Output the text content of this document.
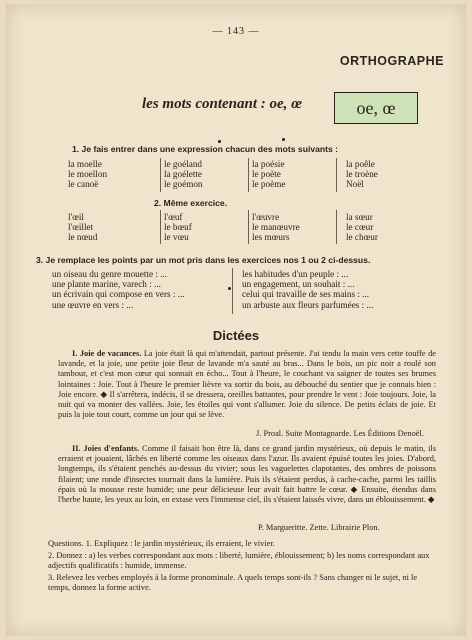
— 143 —
ORTHOGRAPHE
les mots contenant : oe, œ	oe, œ
1. Je fais entrer dans une expression chacun des mots suivants :
la moelle
le moellon
le canoë
le goéland
la goélette
le goémon
la poésie
le poète
le poème
la poêle
le troène
Noël
2. Même exercice.
l'œil
l'œillet
le nœud
l'œuf
le bœuf
le vœu
l'œuvre
le manœuvre
les mœurs
la sœur
le cœur
le chœur
3. Je remplace les points par un mot pris dans les exercices nos 1 ou 2 ci-dessus.
un oiseau du genre mouette : ...
une plante marine, varech : ...
un écrivain qui compose en vers : ...
une œuvre en vers : ...
les habitudes d'un peuple : ...
un engagement, un souhait : ...
celui qui travaille de ses mains : ...
un arbuste aux fleurs parfumées : ...
Dictées
I. Joie de vacances. La joie était là qui m'attendait, partout présente. J'ai tendu la main vers cette touffe de lavande, et la joie, une petite joie fleur de lavande m'a sauté au bras... Dans le bois, un pic noir a roulé son tambour, et c'est mon cœur qui sonnait en écho... Tout à l'heure, le couchant va saigner de toutes ses brumes lointaines : Joie. Tout à l'heure le premier lièvre va sortir du bois, au débouché du sentier que je connais bien : Joie encore. ◆ Il s'arrêtera, indécis, il se dressera, oreilles battantes, pour prendre le vent : Joie toujours. Joie, la nuit qui va monter des vallées. Joie, les étoiles qui vont s'allumer. Joie du silence. De petits éclats de joie. Et puis la joie tout court, comme un jour qui se lève.
J. Proal. Suite Montagnarde. Les Éditions Denoël.
II. Joies d'enfants. Comme il faisait bon être là, dans ce grand jardin mystérieux, où depuis le matin, ils erraient et jouaient, lâchés en liberté comme les oiseaux dans l'azur. Ils avaient épuisé toutes les joies. D'abord, longtemps, ils s'étaient penchés au-dessus du vivier; sous les vaguelettes clapotantes, des ombres de poissons filaient; une ronde d'insectes tournait dans la lumière. Puis ils s'étaient perdus, à cache-cache, parmi les taillis épais où la mousse reste humide; une peur délicieuse leur avait fait battre le cœur. ◆ Ensuite, étendus dans l'herbe haute, les yeux au loin, en extase vers l'immense ciel, ils s'étaient laissés vivre, dans un éblouissement. ◆
P. Margueritte. Zette. Librairie Plon.
Questions. 1. Expliquez : le jardin mystérieux, ils erraient, le vivier.
2. Donnez : a) les verbes correspondant aux mots : liberté, lumière, éblouissement; b) les noms correspondant aux adjectifs qualificatifs : humide, immense.
3. Relevez les verbes employés à la forme pronominale. A quels temps sont-ils ? Sans changer ni le sujet, ni le temps, donnez la forme active.
